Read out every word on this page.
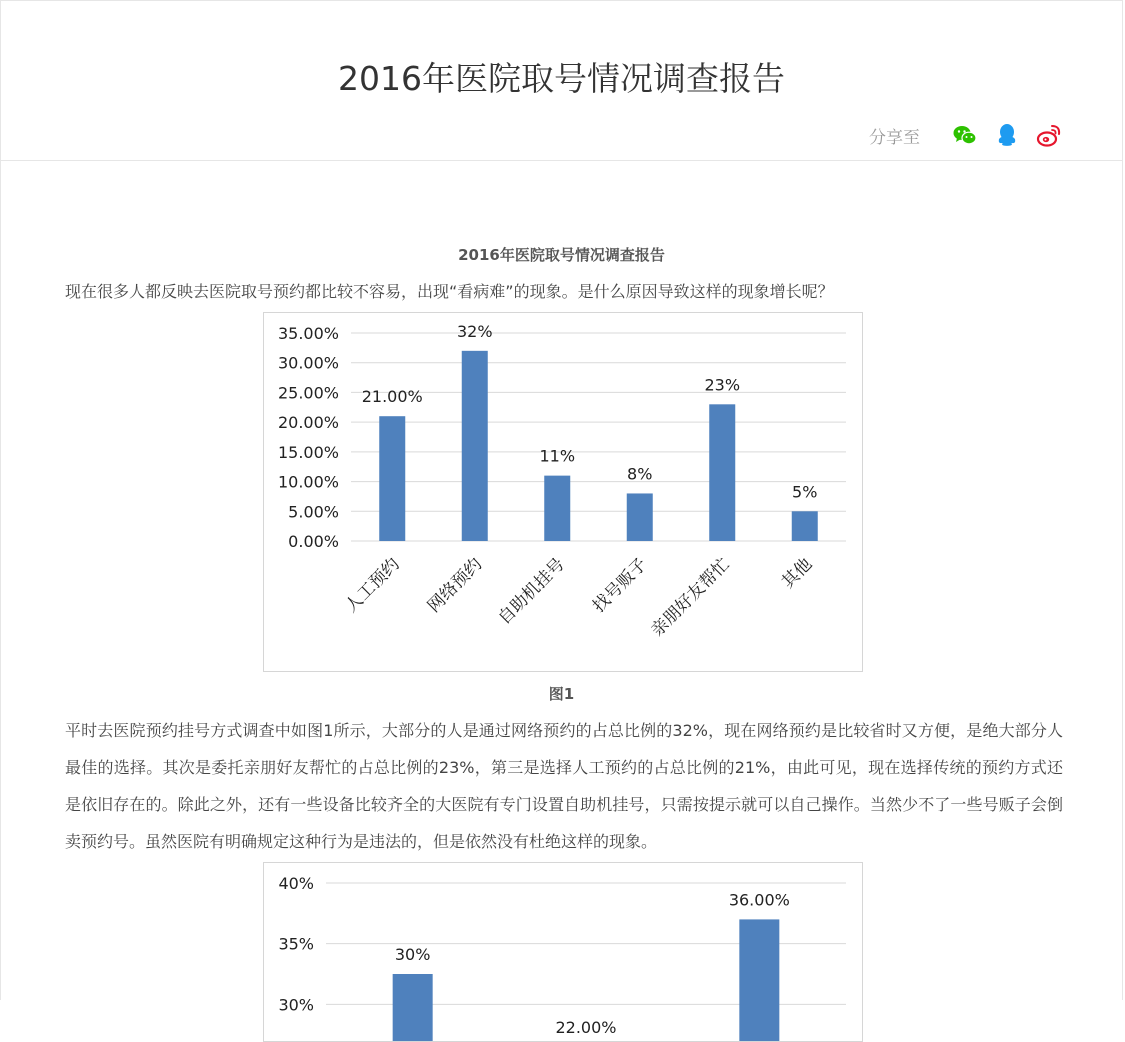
2016年医院取号情况调查报告
分享至
2016年医院取号情况调查报告

现在很多人都反映去医院取号预约都比较不容易，出现“看病难”的现象。是什么原因导致这样的现象增长呢？

0.00%
5.00%
10.00%
15.00%
20.00%
25.00%
30.00%
35.00%
21.00%
人工预约
32%
网络预约
11%
自助机挂号
8%
找号贩子
23%
亲朋好友帮忙
5%
其他
图1

平时去医院预约挂号方式调查中如图1所示，大部分的人是通过网络预约的占总比例的32%，现在网络预约是比较省时又方便，是绝大部分人最佳的选择。其次是委托亲朋好友帮忙的占总比例的23%，第三是选择人工预约的占总比例的21%，由此可见，现在选择传统的预约方式还是依旧存在的。除此之外，还有一些设备比较齐全的大医院有专门设置自助机挂号，只需按提示就可以自己操作。当然少不了一些号贩子会倒卖预约号。虽然医院有明确规定这种行为是违法的，但是依然没有杜绝这样的现象。

30%
35%
40%
30%
22.00%
36.00%
